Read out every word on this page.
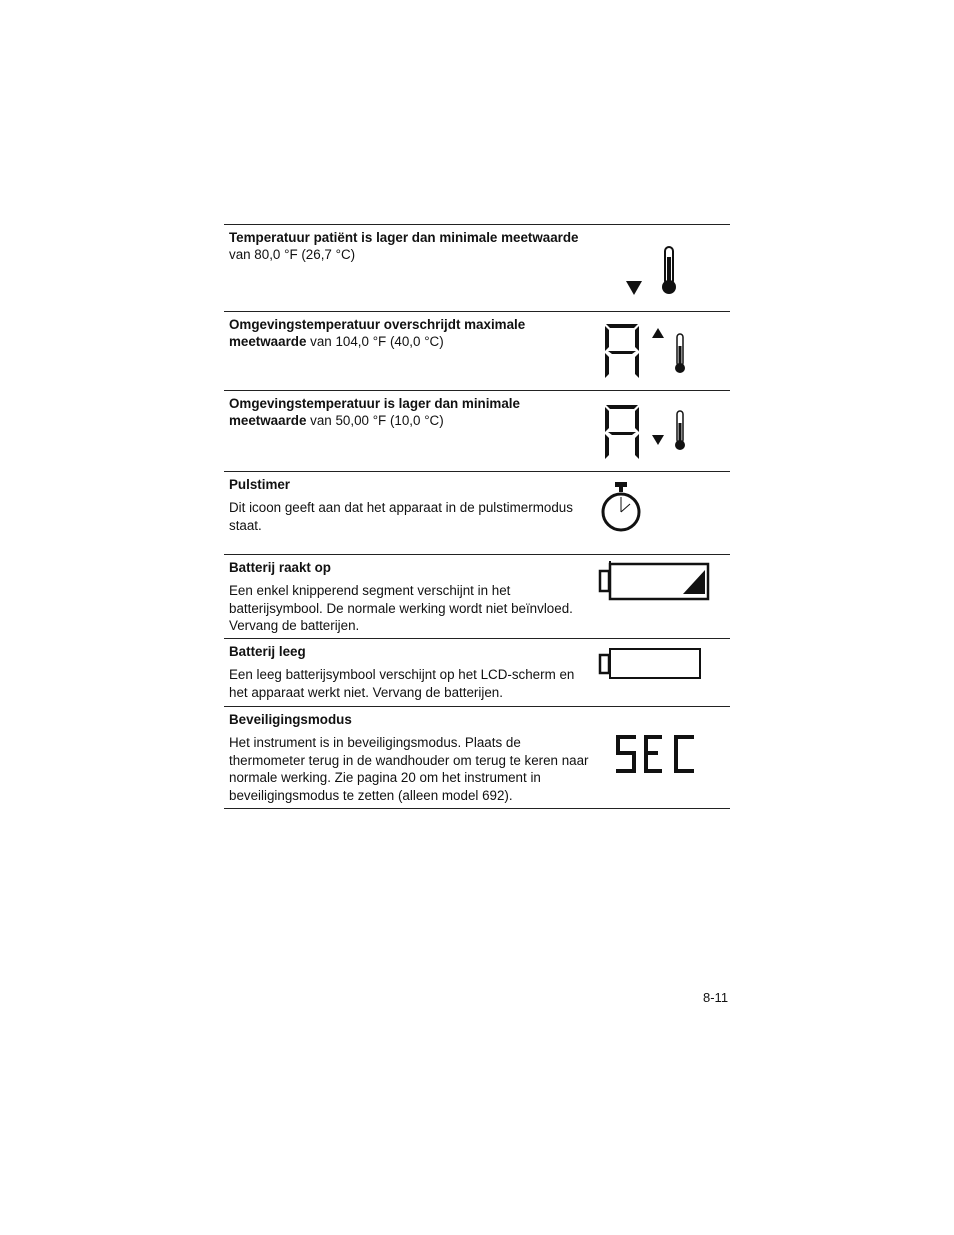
Temperatuur patiënt is lager dan minimale meetwaarde van 80,0 °F (26,7 °C)
Omgevingstemperatuur overschrijdt maximale meetwaarde van 104,0 °F (40,0 °C)
Omgevingstemperatuur is lager dan minimale meetwaarde van 50,00 °F (10,0 °C)
Pulstimer
Dit icoon geeft aan dat het apparaat in de pulstimermodus staat.
Batterij raakt op
Een enkel knipperend segment verschijnt in het batterijsymbool. De normale werking wordt niet beïnvloed. Vervang de batterijen.
Batterij leeg
Een leeg batterijsymbool verschijnt op het LCD-scherm en het apparaat werkt niet. Vervang de batterijen.
Beveiligingsmodus
Het instrument is in beveiligingsmodus. Plaats de thermometer terug in de wandhouder om terug te keren naar normale werking. Zie pagina 20 om het instrument in beveiligingsmodus te zetten (alleen model 692).
8-11
